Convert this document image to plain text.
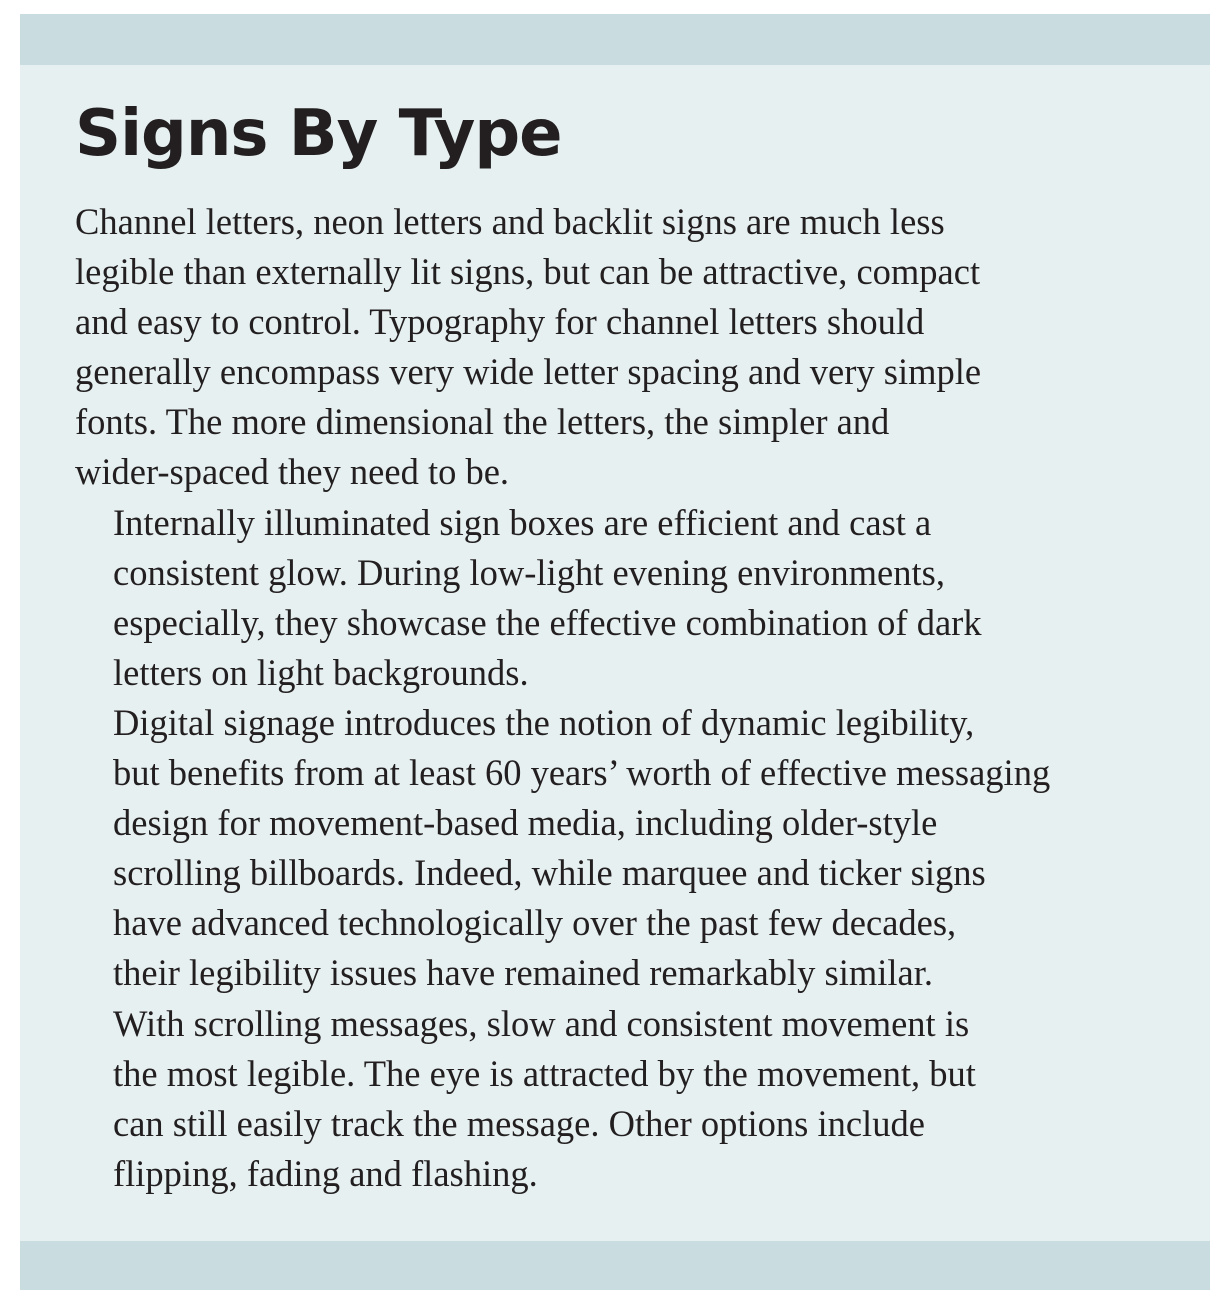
Signs By Type

Channel letters, neon letters and backlit signs are much less
legible than externally lit signs, but can be attractive, compact
and easy to control. Typography for channel letters should
generally encompass very wide letter spacing and very simple
fonts. The more dimensional the letters, the simpler and
wider-spaced they need to be.

Internally illuminated sign boxes are efficient and cast a
consistent glow. During low-light evening environments,
especially, they showcase the effective combination of dark
letters on light backgrounds.

Digital signage introduces the notion of dynamic legibility,
but benefits from at least 60 years’ worth of effective messaging
design for movement-based media, including older-style
scrolling billboards. Indeed, while marquee and ticker signs
have advanced technologically over the past few decades,
their legibility issues have remained remarkably similar.

With scrolling messages, slow and consistent movement is
the most legible. The eye is attracted by the movement, but
can still easily track the message. Other options include
flipping, fading and flashing.
